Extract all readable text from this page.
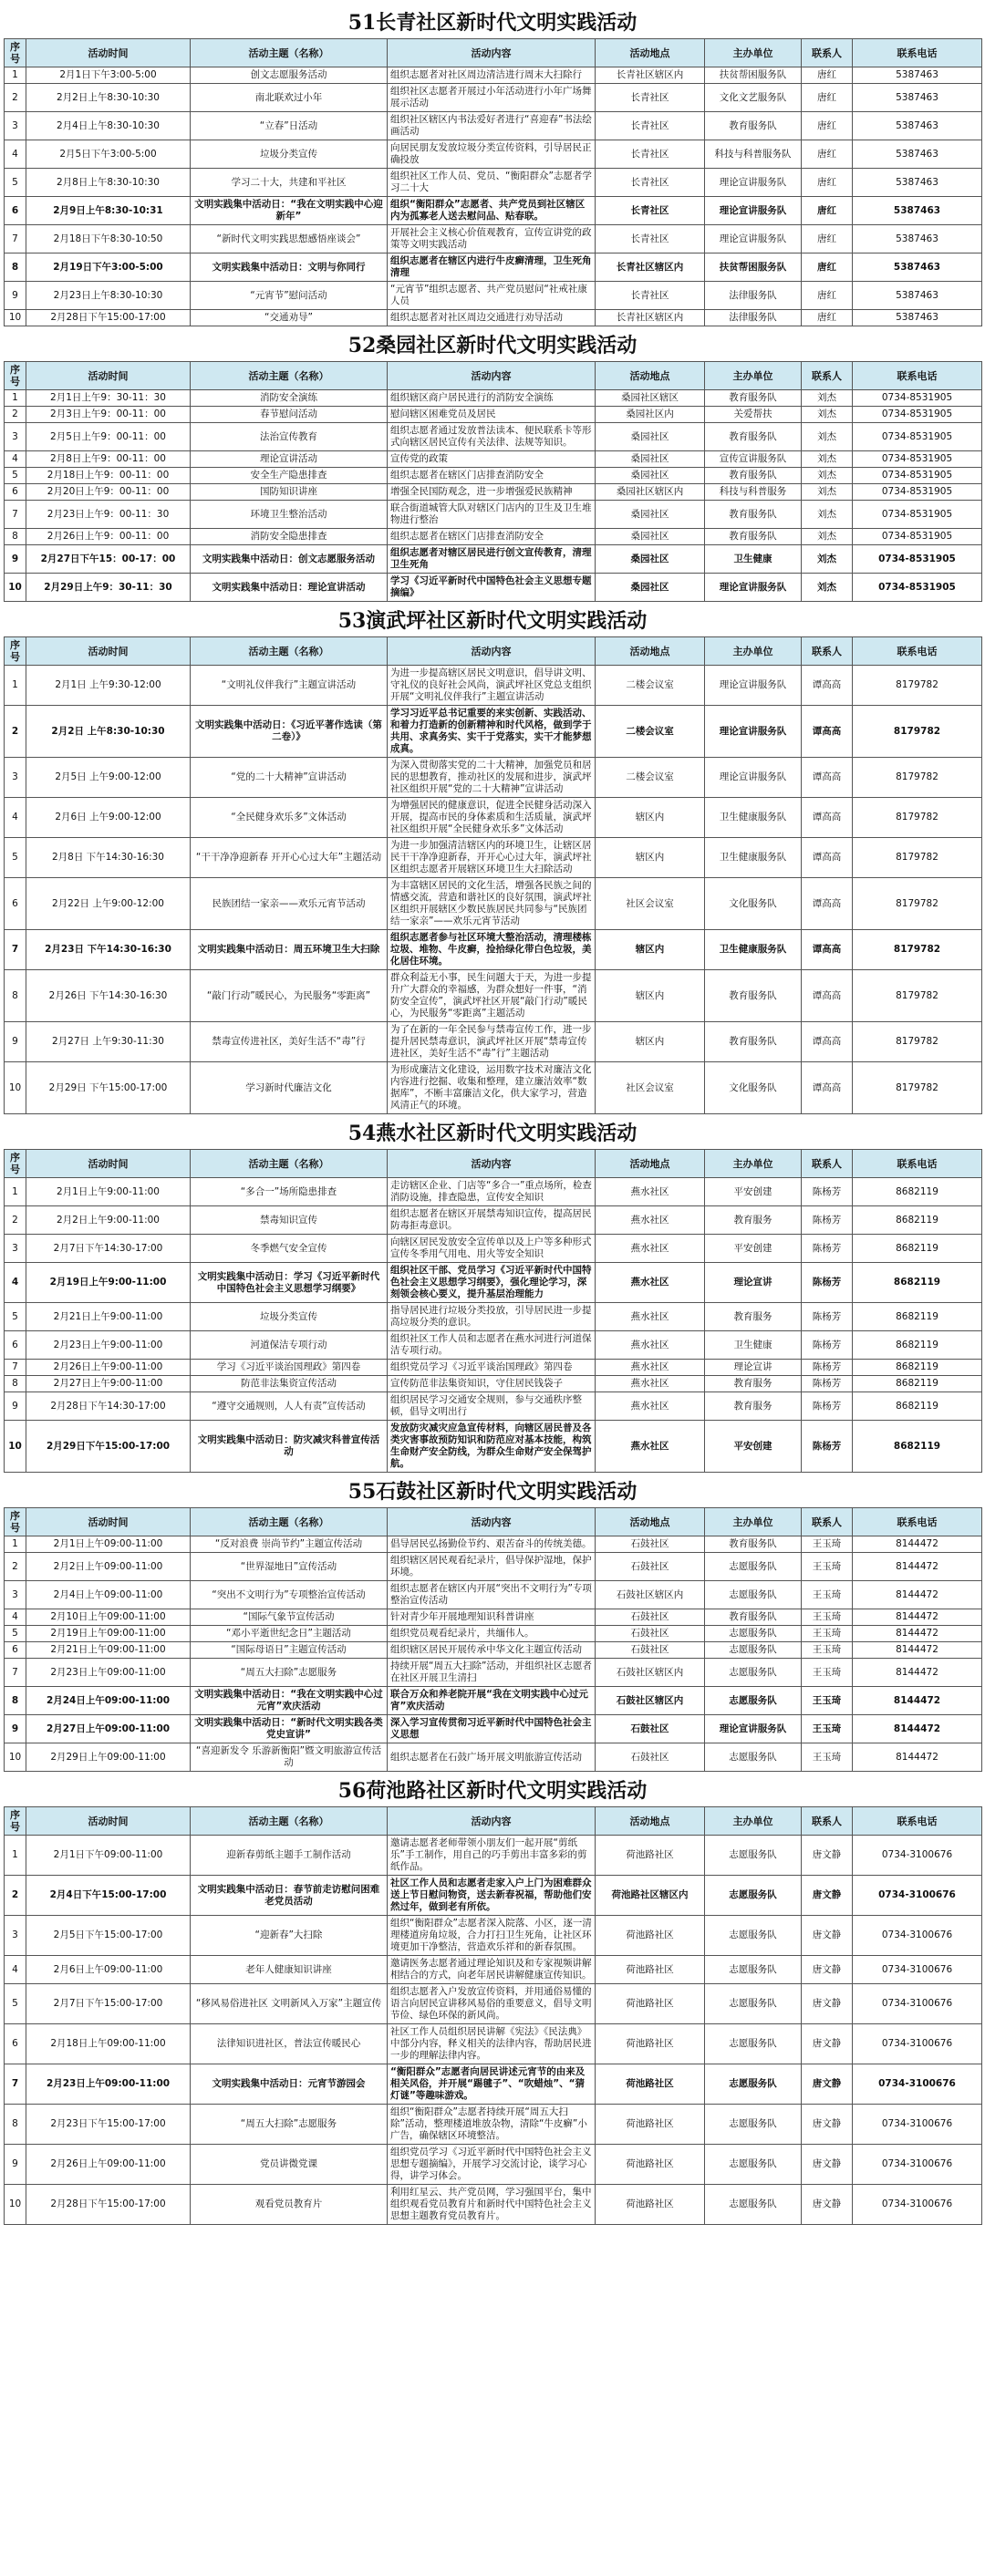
51长青社区新时代文明实践活动
序号	活动时间	活动主题（名称）	活动内容	活动地点	主办单位	联系人	联系电话
1	2月1日下午3:00-5:00	创文志愿服务活动	组织志愿者对社区周边清洁进行周末大扫除行	长青社区辖区内	扶贫帮困服务队	唐红	5387463
2	2月2日上午8:30-10:30	南北联欢过小年	组织社区志愿者开展过小年活动进行小年广场舞展示活动	长青社区	文化文艺服务队	唐红	5387463
3	2月4日上午8:30-10:30	“立春”日活动	组织社区辖区内书法爱好者进行“喜迎春”书法绘画活动	长青社区	教育服务队	唐红	5387463
4	2月5日下午3:00-5:00	垃圾分类宣传	向居民朋友发放垃圾分类宣传资料，引导居民正确投放	长青社区	科技与科普服务队	唐红	5387463
5	2月8日上午8:30-10:30	学习二十大，共建和平社区	组织社区工作人员、党员、“衡阳群众”志愿者学习二十大	长青社区	理论宣讲服务队	唐红	5387463
6	2月9日上午8:30-10:31	文明实践集中活动日：“我在文明实践中心迎新年”	组织“衡阳群众”志愿者、共产党员到社区辖区内为孤寡老人送去慰问品、贴春联。	长青社区	理论宣讲服务队	唐红	5387463
7	2月18日下午8:30-10:50	“新时代文明实践思想感悟座谈会”	开展社会主义核心价值观教育，宣传宣讲党的政策等文明实践活动	长青社区	理论宣讲服务队	唐红	5387463
8	2月19日下午3:00-5:00	文明实践集中活动日：文明与你同行	组织志愿者在辖区内进行牛皮癣清理，卫生死角清理	长青社区辖区内	扶贫帮困服务队	唐红	5387463
9	2月23日上午8:30-10:30	“元宵节”慰问活动	“元宵节”组织志愿者、共产党员慰问“社戒社康人员	长青社区	法律服务队	唐红	5387463
10	2月28日下午15:00-17:00	“交通劝导”	组织志愿者对社区周边交通进行劝导活动	长青社区辖区内	法律服务队	唐红	5387463
52桑园社区新时代文明实践活动
序号	活动时间	活动主题（名称）	活动内容	活动地点	主办单位	联系人	联系电话
1	2月1日上午9：30-11：30	消防安全演练	组织辖区商户居民进行的消防安全演练	桑园社区辖区	教育服务队	刘杰	0734-8531905
2	2月3日上午9：00-11：00	春节慰问活动	慰问辖区困难党员及居民	桑园社区内	关爱帮扶	刘杰	0734-8531905
3	2月5日上午9：00-11：00	法治宣传教育	组织志愿者通过发放普法读本、便民联系卡等形式向辖区居民宣传有关法律、法规等知识。	桑园社区	教育服务队	刘杰	0734-8531905
4	2月8日上午9：00-11：00	理论宣讲活动	宣传党的政策	桑园社区	宣传宣讲服务队	刘杰	0734-8531905
5	2月18日上午9：00-11：00	安全生产隐患排查	组织志愿者在辖区门店排查消防安全	桑园社区	教育服务队	刘杰	0734-8531905
6	2月20日上午9：00-11：00	国防知识讲座	增强全民国防观念，进一步增强爱民族精神	桑园社区辖区内	科技与科普服务	刘杰	0734-8531905
7	2月23日上午9：00-11：30	环境卫生整治活动	联合街道城管大队对辖区门店内的卫生及卫生堆物进行整治	桑园社区	教育服务队	刘杰	0734-8531905
8	2月26日上午9：00-11：00	消防安全隐患排查	组织志愿者在辖区门店排查消防安全	桑园社区	教育服务队	刘杰	0734-8531905
9	2月27日下午15：00-17：00	文明实践集中活动日：创文志愿服务活动	组织志愿者对辖区居民进行创文宣传教育，清理卫生死角	桑园社区	卫生健康	刘杰	0734-8531905
10	2月29日上午9：30-11：30	文明实践集中活动日：理论宣讲活动	学习《习近平新时代中国特色社会主义思想专题摘编》	桑园社区	理论宣讲服务队	刘杰	0734-8531905
53演武坪社区新时代文明实践活动
序号	活动时间	活动主题（名称）	活动内容	活动地点	主办单位	联系人	联系电话
1	2月1日 上午9:30-12:00	“文明礼仪伴我行”主题宣讲活动	为进一步提高辖区居民文明意识，倡导讲文明、守礼仪的良好社会风尚，演武坪社区党总支组织开展“文明礼仪伴我行”主题宣讲活动	二楼会议室	理论宣讲服务队	谭高高	8179782
2	2月2日 上午8:30-10:30	文明实践集中活动日：《习近平著作选读（第二卷）》	学习习近平总书记重要的来实创新、实践活动、和着力打造新的创新精神和时代风格，做到学于共用、求真务实、实干于党落实，实干才能梦想成真。	二楼会议室	理论宣讲服务队	谭高高	8179782
3	2月5日 上午9:00-12:00	“党的二十大精神”宣讲活动	为深入贯彻落实党的二十大精神，加强党员和居民的思想教育，推动社区的发展和进步，演武坪社区组织开展“党的二十大精神”宣讲活动	二楼会议室	理论宣讲服务队	谭高高	8179782
4	2月6日 上午9:00-12:00	“全民健身欢乐多”文体活动	为增强居民的健康意识，促进全民健身活动深入开展，提高市民的身体素质和生活质量，演武坪社区组织开展“全民健身欢乐多”文体活动	辖区内	卫生健康服务队	谭高高	8179782
5	2月8日 下午14:30-16:30	“干干净净迎新春 开开心心过大年”主题活动	为进一步加强清洁辖区内的环境卫生，让辖区居民干干净净迎新春，开开心心过大年，演武坪社区组织志愿者开展辖区环境卫生大扫除活动	辖区内	卫生健康服务队	谭高高	8179782
6	2月22日 上午9:00-12:00	民族团结一家亲——欢乐元宵节活动	为丰富辖区居民的文化生活，增强各民族之间的情感交流，营造和谐社区的良好氛围，演武坪社区组织开展辖区少数民族居民共同参与“民族团结一家亲”——欢乐元宵节活动	社区会议室	文化服务队	谭高高	8179782
7	2月23日 下午14:30-16:30	文明实践集中活动日：周五环境卫生大扫除	组织志愿者参与社区环境大整治活动，清理楼栋垃圾、堆物、牛皮癣，捡拾绿化带白色垃圾，美化居住环境。	辖区内	卫生健康服务队	谭高高	8179782
8	2月26日 下午14:30-16:30	“敲门行动”暖民心，为民服务“零距离”	群众利益无小事，民生问题大于天，为进一步提升广大群众的幸福感，为群众想好一件事，“消防安全宣传”，演武坪社区开展“敲门行动”暖民心，为民服务“零距离”主题活动	辖区内	教育服务队	谭高高	8179782
9	2月27日 上午9:30-11:30	禁毒宣传进社区，美好生活不“毒”行	为了在新的一年全民参与禁毒宣传工作，进一步提升居民禁毒意识，演武坪社区开展“禁毒宣传进社区，美好生活不“毒”行”主题活动	辖区内	教育服务队	谭高高	8179782
10	2月29日 下午15:00-17:00	学习新时代廉洁文化	为形成廉洁文化建设，运用数字技术对廉洁文化内容进行挖掘、收集和整理，建立廉洁效率“数据库”，不断丰富廉洁文化，供大家学习，营造风清正气的环境。	社区会议室	文化服务队	谭高高	8179782
54燕水社区新时代文明实践活动
序号	活动时间	活动主题（名称）	活动内容	活动地点	主办单位	联系人	联系电话
1	2月1日上午9:00-11:00	“多合一”场所隐患排查	走访辖区企业、门店等“多合一”重点场所，检查消防设施，排查隐患，宣传安全知识	燕水社区	平安创建	陈杨芳	8682119
2	2月2日上午9:00-11:00	禁毒知识宣传	组织志愿者在辖区开展禁毒知识宣传，提高居民防毒拒毒意识。	燕水社区	教育服务	陈杨芳	8682119
3	2月7日下午14:30-17:00	冬季燃气安全宣传	向辖区居民发放安全宣传单以及上户等多种形式宣传冬季用气用电、用火等安全知识	燕水社区	平安创建	陈杨芳	8682119
4	2月19日上午9:00-11:00	文明实践集中活动日：学习《习近平新时代中国特色社会主义思想学习纲要》	组织社区干部、党员学习《习近平新时代中国特色社会主义思想学习纲要》，强化理论学习，深刻领会核心要义，提升基层治理能力	燕水社区	理论宣讲	陈杨芳	8682119
5	2月21日上午9:00-11:00	垃圾分类宣传	指导居民进行垃圾分类投放，引导居民进一步提高垃圾分类的意识。	燕水社区	教育服务	陈杨芳	8682119
6	2月23日上午9:00-11:00	河道保洁专项行动	组织社区工作人员和志愿者在燕水河进行河道保洁专项行动。	燕水社区	卫生健康	陈杨芳	8682119
7	2月26日上午9:00-11:00	学习《习近平谈治国理政》第四卷	组织党员学习《习近平谈治国理政》第四卷	燕水社区	理论宣讲	陈杨芳	8682119
8	2月27日上午9:00-11:00	防范非法集资宣传活动	宣传防范非法集资知识，守住居民钱袋子	燕水社区	教育服务	陈杨芳	8682119
9	2月28日下午14:30-17:00	“遵守交通规则，人人有责”宣传活动	组织居民学习交通安全规则，参与交通秩序整顿，倡导文明出行	燕水社区	教育服务	陈杨芳	8682119
10	2月29日下午15:00-17:00	文明实践集中活动日：防灾减灾科普宣传活动	发放防灾减灾应急宣传材料，向辖区居民普及各类灾害事故预防知识和防范应对基本技能，构筑生命财产安全防线，为群众生命财产安全保驾护航。	燕水社区	平安创建	陈杨芳	8682119
55石鼓社区新时代文明实践活动
序号	活动时间	活动主题（名称）	活动内容	活动地点	主办单位	联系人	联系电话
1	2月1日上午09:00-11:00	“反对浪费 崇尚节约”主题宣传活动	倡导居民弘扬勤俭节约、艰苦奋斗的传统美德。	石鼓社区	教育服务队	王玉琦	8144472
2	2月2日上午09:00-11:00	“世界湿地日”宣传活动	组织辖区居民观看纪录片，倡导保护湿地，保护环境。	石鼓社区	志愿服务队	王玉琦	8144472
3	2月4日上午09:00-11:00	“突出不文明行为”专项整治宣传活动	组织志愿者在辖区内开展“突出不文明行为”专项整治宣传活动	石鼓社区辖区内	志愿服务队	王玉琦	8144472
4	2月10日上午09:00-11:00	“国际气象节宣传活动	针对青少年开展地理知识科普讲座	石鼓社区	教育服务队	王玉琦	8144472
5	2月19日上午09:00-11:00	“邓小平逝世纪念日”主题活动	组织党员观看纪录片，共缅伟人。	石鼓社区	志愿服务队	王玉琦	8144472
6	2月21日上午09:00-11:00	“国际母语日”主题宣传活动	组织辖区居民开展传承中华文化主题宣传活动	石鼓社区	志愿服务队	王玉琦	8144472
7	2月23日上午09:00-11:00	“周五大扫除”志愿服务	持续开展“周五大扫除”活动，并组织社区志愿者在社区开展卫生清扫	石鼓社区辖区内	志愿服务队	王玉琦	8144472
8	2月24日上午09:00-11:00	文明实践集中活动日：“我在文明实践中心过元宵”欢庆活动	联合万众和养老院开展“我在文明实践中心过元宵”欢庆活动	石鼓社区辖区内	志愿服务队	王玉琦	8144472
9	2月27日上午09:00-11:00	文明实践集中活动日：“新时代文明实践各类党史宣讲”	深入学习宣传贯彻习近平新时代中国特色社会主义思想	石鼓社区	理论宣讲服务队	王玉琦	8144472
10	2月29日上午09:00-11:00	“喜迎新发令 乐游新衡阳”暨文明旅游宣传活动	组织志愿者在石鼓广场开展文明旅游宣传活动	石鼓社区	志愿服务队	王玉琦	8144472
56荷池路社区新时代文明实践活动
序号	活动时间	活动主题（名称）	活动内容	活动地点	主办单位	联系人	联系电话
1	2月1日下午09:00-11:00	迎新春剪纸主题手工制作活动	邀请志愿者老师带领小朋友们一起开展“剪纸乐”手工制作，用自己的巧手剪出丰富多彩的剪纸作品。	荷池路社区	志愿服务队	唐文静	0734-3100676
2	2月4日下午15:00-17:00	文明实践集中活动日：春节前走访慰问困难老党员活动	社区工作人员和志愿者走家入户上门为困难群众送上节日慰问物资，送去新春祝福，帮助他们安然过年，做到老有所依。	荷池路社区辖区内	志愿服务队	唐文静	0734-3100676
3	2月5日下午15:00-17:00	“迎新春”大扫除	组织“衡阳群众”志愿者深入院落、小区，逐一清理楼道房角垃圾，合力打扫卫生死角，让社区环境更加干净整洁，营造欢乐祥和的新春氛围。	荷池路社区	志愿服务队	唐文静	0734-3100676
4	2月6日上午09:00-11:00	老年人健康知识讲座	邀请医务志愿者通过理论知识及和专家视频讲解相结合的方式，向老年居民讲解健康宣传知识。	荷池路社区	志愿服务队	唐文静	0734-3100676
5	2月7日下午15:00-17:00	“移风易俗进社区 文明新风入万家”主题宣传	组织志愿者入户发放宣传资料，并用通俗易懂的语言向居民宣讲移风易俗的重要意义，倡导文明节俭、绿色环保的新风尚。	荷池路社区	志愿服务队	唐文静	0734-3100676
6	2月18日上午09:00-11:00	法律知识进社区，普法宣传暖民心	社区工作人员组织居民讲解《宪法》《民法典》中部分内容，释义相关的法律内容，帮助居民进一步的理解法律内容。	荷池路社区	志愿服务队	唐文静	0734-3100676
7	2月23日上午09:00-11:00	文明实践集中活动日：元宵节游园会	“衡阳群众”志愿者向居民讲述元宵节的由来及相关风俗，并开展“踢毽子”、“吹蜡烛”、“猜灯谜”等趣味游戏。	荷池路社区	志愿服务队	唐文静	0734-3100676
8	2月23日下午15:00-17:00	“周五大扫除”志愿服务	组织“衡阳群众”志愿者持续开展“周五大扫除”活动，整理楼道堆放杂物，清除“牛皮癣”小广告，确保辖区环境整洁。	荷池路社区	志愿服务队	唐文静	0734-3100676
9	2月26日上午09:00-11:00	党员讲微党课	组织党员学习《习近平新时代中国特色社会主义思想专题摘编》，开展学习交流讨论，谈学习心得，讲学习体会。	荷池路社区	志愿服务队	唐文静	0734-3100676
10	2月28日下午15:00-17:00	观看党员教育片	利用红星云、共产党员网，学习强国平台，集中组织观看党员教育片和新时代中国特色社会主义思想主题教育党员教育片。	荷池路社区	志愿服务队	唐文静	0734-3100676
